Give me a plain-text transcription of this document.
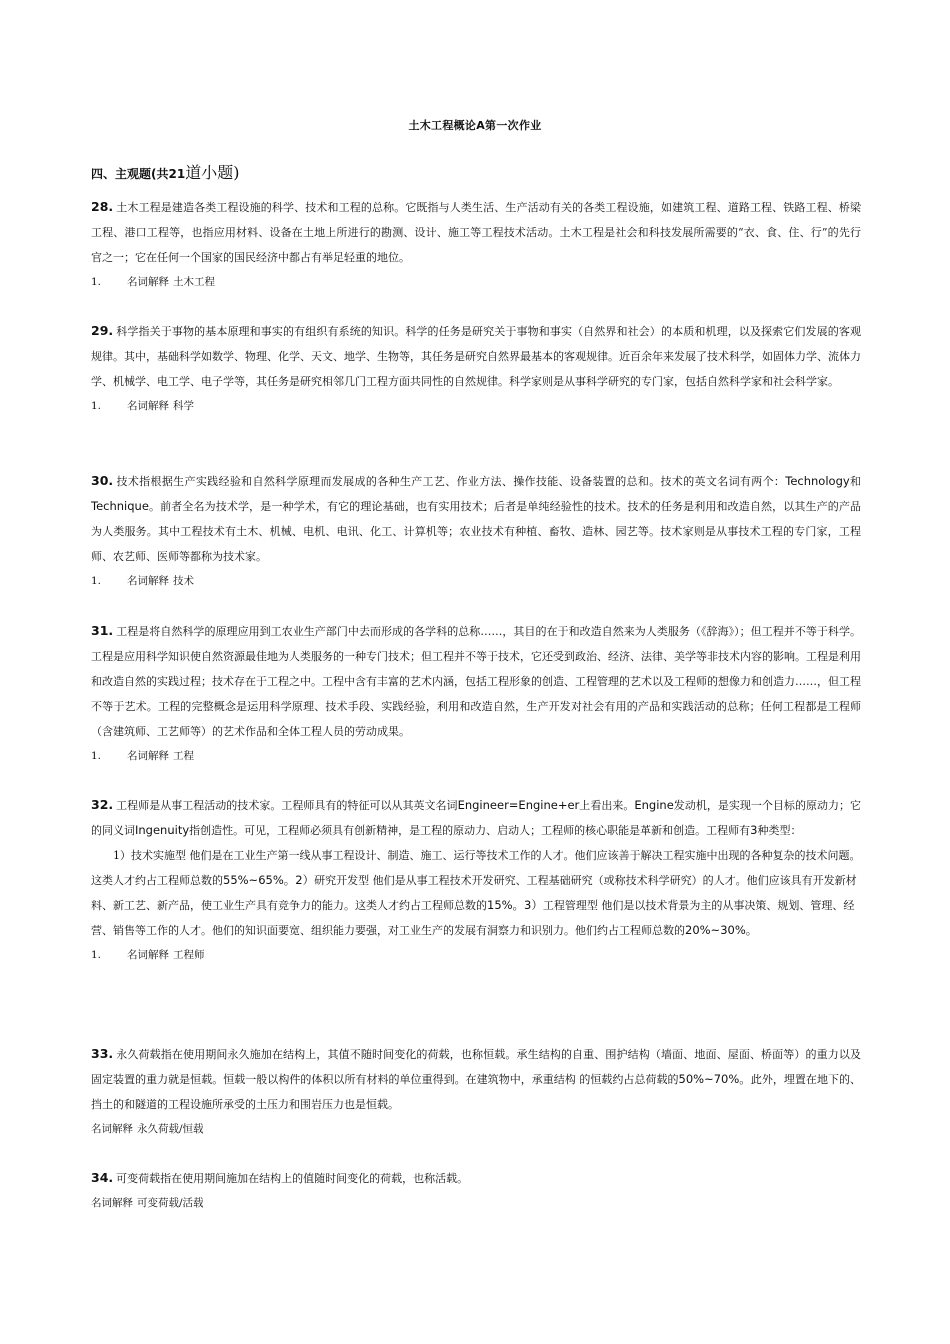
土木工程概论A第一次作业
四、主观题(共21道小题)

28. 土木工程是建造各类工程设施的科学、技术和工程的总称。它既指与人类生活、生产活动有关的各类工程设施，如建筑工程、道路工程、铁路工程、桥梁工程、港口工程等，也指应用材料、设备在土地上所进行的勘测、设计、施工等工程技术活动。土木工程是社会和科技发展所需要的“衣、食、住、行”的先行官之一；它在任何一个国家的国民经济中都占有举足轻重的地位。

1. 名词解释 土木工程

29. 科学指关于事物的基本原理和事实的有组织有系统的知识。科学的任务是研究关于事物和事实（自然界和社会）的本质和机理，以及探索它们发展的客观规律。其中，基础科学如数学、物理、化学、天文、地学、生物等，其任务是研究自然界最基本的客观规律。近百余年来发展了技术科学，如固体力学、流体力学、机械学、电工学、电子学等，其任务是研究相邻几门工程方面共同性的自然规律。科学家则是从事科学研究的专门家，包括自然科学家和社会科学家。

1. 名词解释 科学

30. 技术指根据生产实践经验和自然科学原理而发展成的各种生产工艺、作业方法、操作技能、设备装置的总和。技术的英文名词有两个：Technology和Technique。前者全名为技术学，是一种学术，有它的理论基础，也有实用技术；后者是单纯经验性的技术。技术的任务是利用和改造自然，以其生产的产品为人类服务。其中工程技术有土木、机械、电机、电讯、化工、计算机等；农业技术有种植、畜牧、造林、园艺等。技术家则是从事技术工程的专门家，工程师、农艺师、医师等都称为技术家。

1. 名词解释 技术

31. 工程是将自然科学的原理应用到工农业生产部门中去而形成的各学科的总称……，其目的在于和改造自然来为人类服务（《辞海》）；但工程并不等于科学。工程是应用科学知识使自然资源最佳地为人类服务的一种专门技术；但工程并不等于技术，它还受到政治、经济、法律、美学等非技术内容的影响。工程是利用和改造自然的实践过程；技术存在于工程之中。工程中含有丰富的艺术内涵，包括工程形象的创造、工程管理的艺术以及工程师的想像力和创造力……，但工程不等于艺术。工程的完整概念是运用科学原理、技术手段、实践经验，利用和改造自然，生产开发对社会有用的产品和实践活动的总称；任何工程都是工程师（含建筑师、工艺师等）的艺术作品和全体工程人员的劳动成果。

1. 名词解释 工程

32. 工程师是从事工程活动的技术家。工程师具有的特征可以从其英文名词Engineer=Engine+er上看出来。Engine发动机，是实现一个目标的原动力；它的同义词Ingenuity指创造性。可见，工程师必须具有创新精神，是工程的原动力、启动人；工程师的核心职能是革新和创造。工程师有3种类型：

1）技术实施型 他们是在工业生产第一线从事工程设计、制造、施工、运行等技术工作的人才。他们应该善于解决工程实施中出现的各种复杂的技术问题。这类人才约占工程师总数的55%~65%。2）研究开发型 他们是从事工程技术开发研究、工程基础研究（或称技术科学研究）的人才。他们应该具有开发新材料、新工艺、新产品，使工业生产具有竞争力的能力。这类人才约占工程师总数的15%。3）工程管理型 他们是以技术背景为主的从事决策、规划、管理、经营、销售等工作的人才。他们的知识面要宽、组织能力要强，对工业生产的发展有洞察力和识别力。他们约占工程师总数的20%~30%。

1. 名词解释 工程师

33. 永久荷载指在使用期间永久施加在结构上，其值不随时间变化的荷载，也称恒载。承生结构的自重、围护结构（墙面、地面、屋面、桥面等）的重力以及固定装置的重力就是恒载。恒载一般以构件的体积以所有材料的单位重得到。在建筑物中，承重结构 的恒载约占总荷载的50%~70%。此外，埋置在地下的、挡土的和隧道的工程设施所承受的土压力和围岩压力也是恒载。

名词解释 永久荷载/恒载

34. 可变荷载指在使用期间施加在结构上的值随时间变化的荷载，也称活载。

名词解释 可变荷载/活载
